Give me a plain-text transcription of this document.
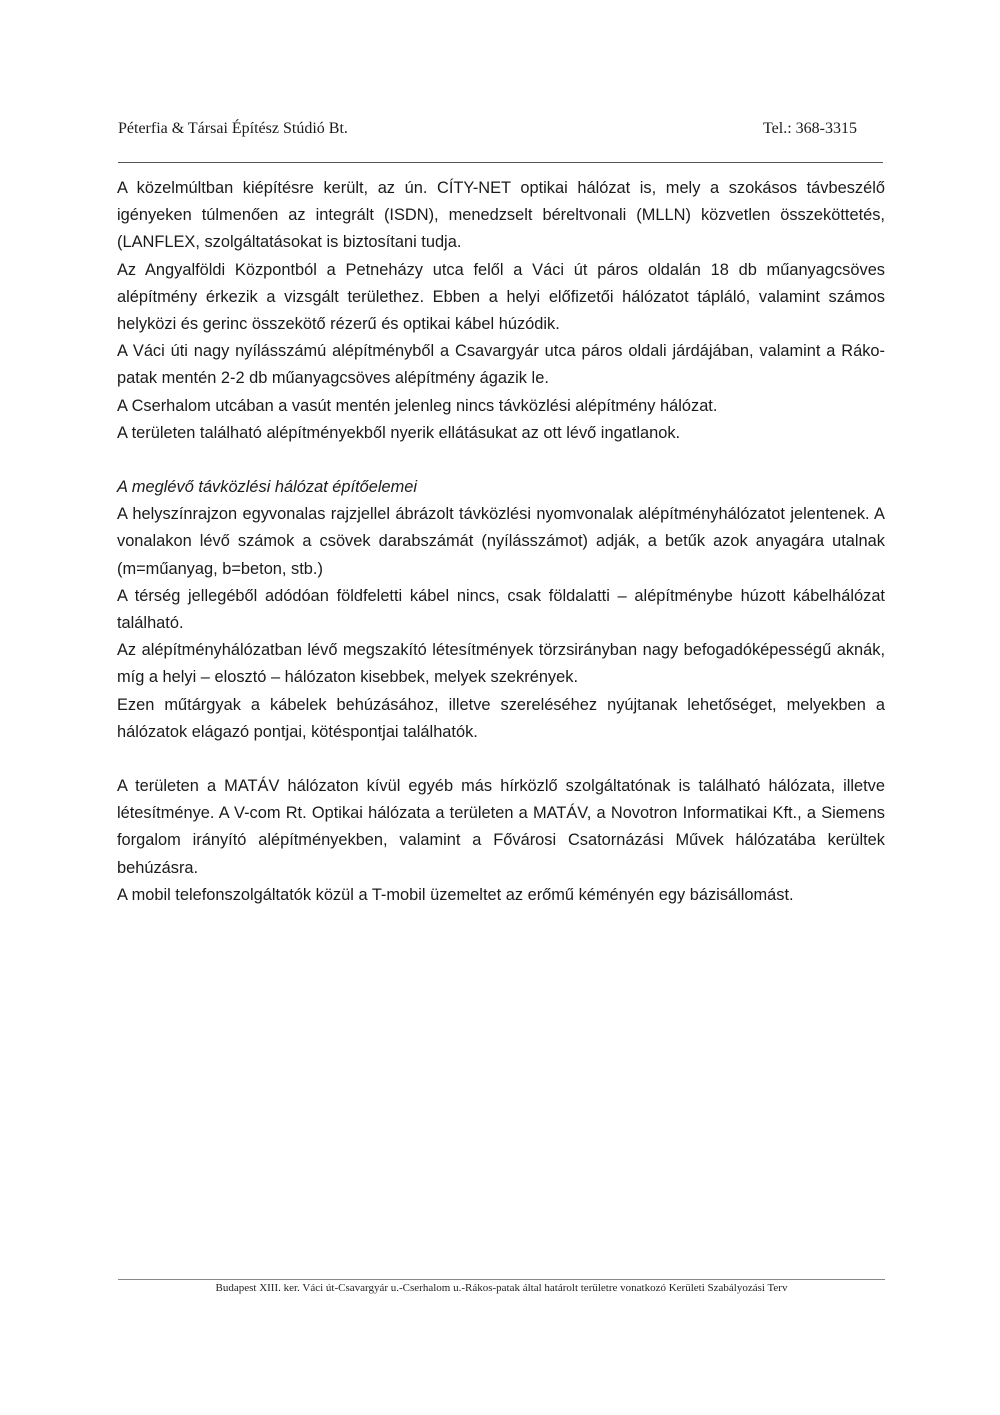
Péterfia & Társai Építész Stúdió Bt.	Tel.: 368-3315

A közelmúltban kiépítésre került, az ún. CÍTY-NET optikai hálózat is, mely a szokásos távbeszélő igényeken túlmenően az integrált (ISDN), menedzselt béreltvonali (MLLN) közvetlen összeköttetés, (LANFLEX, szolgáltatásokat is biztosítani tudja.

Az Angyalföldi Központból a Petneházy utca felől a Váci út páros oldalán 18 db műanyagcsöves alépítmény érkezik a vizsgált területhez. Ebben a helyi előfizetői hálózatot tápláló, valamint számos helyközi és gerinc összekötő rézerű és optikai kábel húzódik.

A Váci úti nagy nyílásszámú alépítményből a Csavargyár utca páros oldali járdájában, valamint a Ráko-patak mentén 2-2 db műanyagcsöves alépítmény ágazik le.

A Cserhalom utcában a vasút mentén jelenleg nincs távközlési alépítmény hálózat.

A területen található alépítményekből nyerik ellátásukat az ott lévő ingatlanok.

A meglévő távközlési hálózat építőelemei

A helyszínrajzon egyvonalas rajzjellel ábrázolt távközlési nyomvonalak alépítményhálózatot jelentenek. A vonalakon lévő számok a csövek darabszámát (nyílásszámot) adják, a betűk azok anyagára utalnak (m=műanyag, b=beton, stb.)

A térség jellegéből adódóan földfeletti kábel nincs, csak földalatti – alépítménybe húzott kábelhálózat található.

Az alépítményhálózatban lévő megszakító létesítmények törzsirányban nagy befogadóképességű aknák, míg a helyi – elosztó – hálózaton kisebbek, melyek szekrények.

Ezen műtárgyak a kábelek behúzásához, illetve szereléséhez nyújtanak lehetőséget, melyekben a hálózatok elágazó pontjai, kötéspontjai találhatók.

A területen a MATÁV hálózaton kívül egyéb más hírközlő szolgáltatónak is található hálózata, illetve létesítménye. A V-com Rt. Optikai hálózata a területen a MATÁV, a Novotron Informatikai Kft., a Siemens forgalom irányító alépítményekben, valamint a Fővárosi Csatornázási Művek hálózatába kerültek behúzásra.

A mobil telefonszolgáltatók közül a T-mobil üzemeltet az erőmű kéményén egy bázisállomást.

Budapest XIII. ker. Váci út-Csavargyár u.-Cserhalom u.-Rákos-patak által határolt területre vonatkozó Kerületi Szabályozási Terv
